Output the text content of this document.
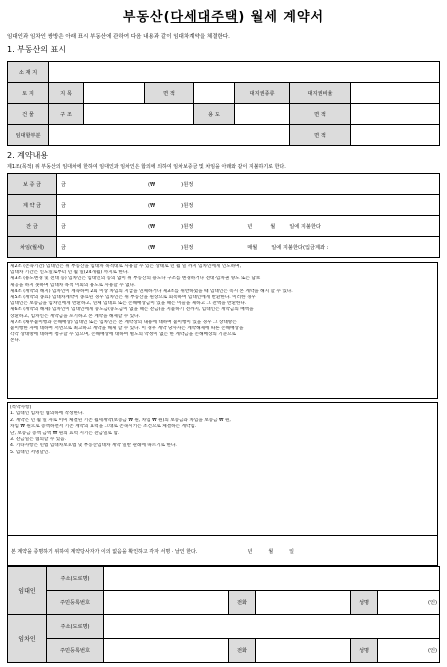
부동산(다세대주택) 월세 계약서
임대인과 임차인 쌍방은 아래 표시 부동산에 관하여 다음 내용과 같이 임대차계약을 체결한다.
1. 부동산의 표시
소 재 지							
토 지	지 목		면 적		대지권종류	대지권비율	
건 물	구 조			용 도		면 적	
임대할부분						면 적	
2. 계약내용
제1조(목적) 위 부동산의 임대차에 한하여 임대인과 임차인은 합의에 의하여 임차보증금 및 차임을 아래와 같이 지불하기로 한다.
보 증 금	금 (₩ )원정
계 약 금	금 (₩ )원정
잔 금	금 (₩ )원정 년 월 일에 지불한다
차임(월세)	금 (₩ )원정 매월 일에 지불한다(입금계좌 :
제2조 (존속기간) 임대인은 위 부동산을 임대차 목적대로 사용할 수 있는 상태로 년 월 일 까지 임차인에게 인도하며,
임대차 기간은 인도일로부터 년 월 일(24개월) 까지로 한다.
제3조 (용도변경 및 전대 등) 임차인은 임대인의 동의 없이 위 부동산의 용도나 구조를 변경하거나 전대·임차권 양도 또는 담보
제공을 하지 못하며 임대차 목적 이외의 용도로 사용할 수 없다.
제4조 (계약의 해지) 임차인이 계속하여 2회 이상 차임의 지급을 연체하거나 제3조를 위반하였을 때 임대인은 즉시 본 계약을 해지 할 수 있다.
제5조 (계약의 종료) 임대차계약이 종료된 경우 임차인은 위 부동산을 원상으로 회복하여 임대인에게 반환한다. 이러한 경우
임대인은 보증금을 임차인에게 반환하고, 연체 임대료 또는 손해배상금이 있을 때는 이들을 제하고 그 잔액을 반환한다.
제6조 (계약의 해제) 임차인이 임대인에게 중도금(중도금이 없을 때는 잔금)을 지불하기 전까지, 임대인은 계약금의 배액을
상환하고, 임차인은 계약금을 포기하고 본 계약을 해제할 수 있다.
제7조 (채무불이행과 손해배상) 임대인 또는 임차인은 본 계약상의 내용에 대하여 불이행이 있을 경우 그 상대방은
불이행한 자에 대하여 서면으로 최고하고 계약을 해제 할 수 있다. 이 경우 계약 당사자는 계약해제에 따른 손해배상을
각각 상대방에 대하여 청구할 수 있으며, 손해배상에 대하여 별도의 약정이 없는 한 계약금을 손해배상의 기준으로
본다.
[특약사항]
1. 임대인 임차인 협의하에 작성한다.
2. 계약은 년 월 일 자로 이미 체결된 기존 월세계약(보증금 ₩ 원, 차임 ₩ 원)의 보증금과 차임을 보증금 ₩ 원,
차임 ₩ 원으로 증액하면서 기존 계약의 효력을 그대로 존속시키는 조건으로 체결하는 계약임.
단, 보증금 증액 금액 ₩ 원의 효력 시기는 잔금일로 함.
3. 잔금일은 협의할 수 있음.
4. 기타사항은 민법 임대차보호법 및 부동산임대차 계약 일반 관례에 따르기로 한다.
5. 임대인 서명날인.
본 계약을 증명하기 위하여 계약당사자가 이의 없음을 확인하고 각자 서명 · 날인 한다.	년	월	일
임대인	주소(도로명)					
	주민등록번호		전화		성명	(인)
임차인	주소(도로명)					
	주민등록번호		전화		성명	(인)
